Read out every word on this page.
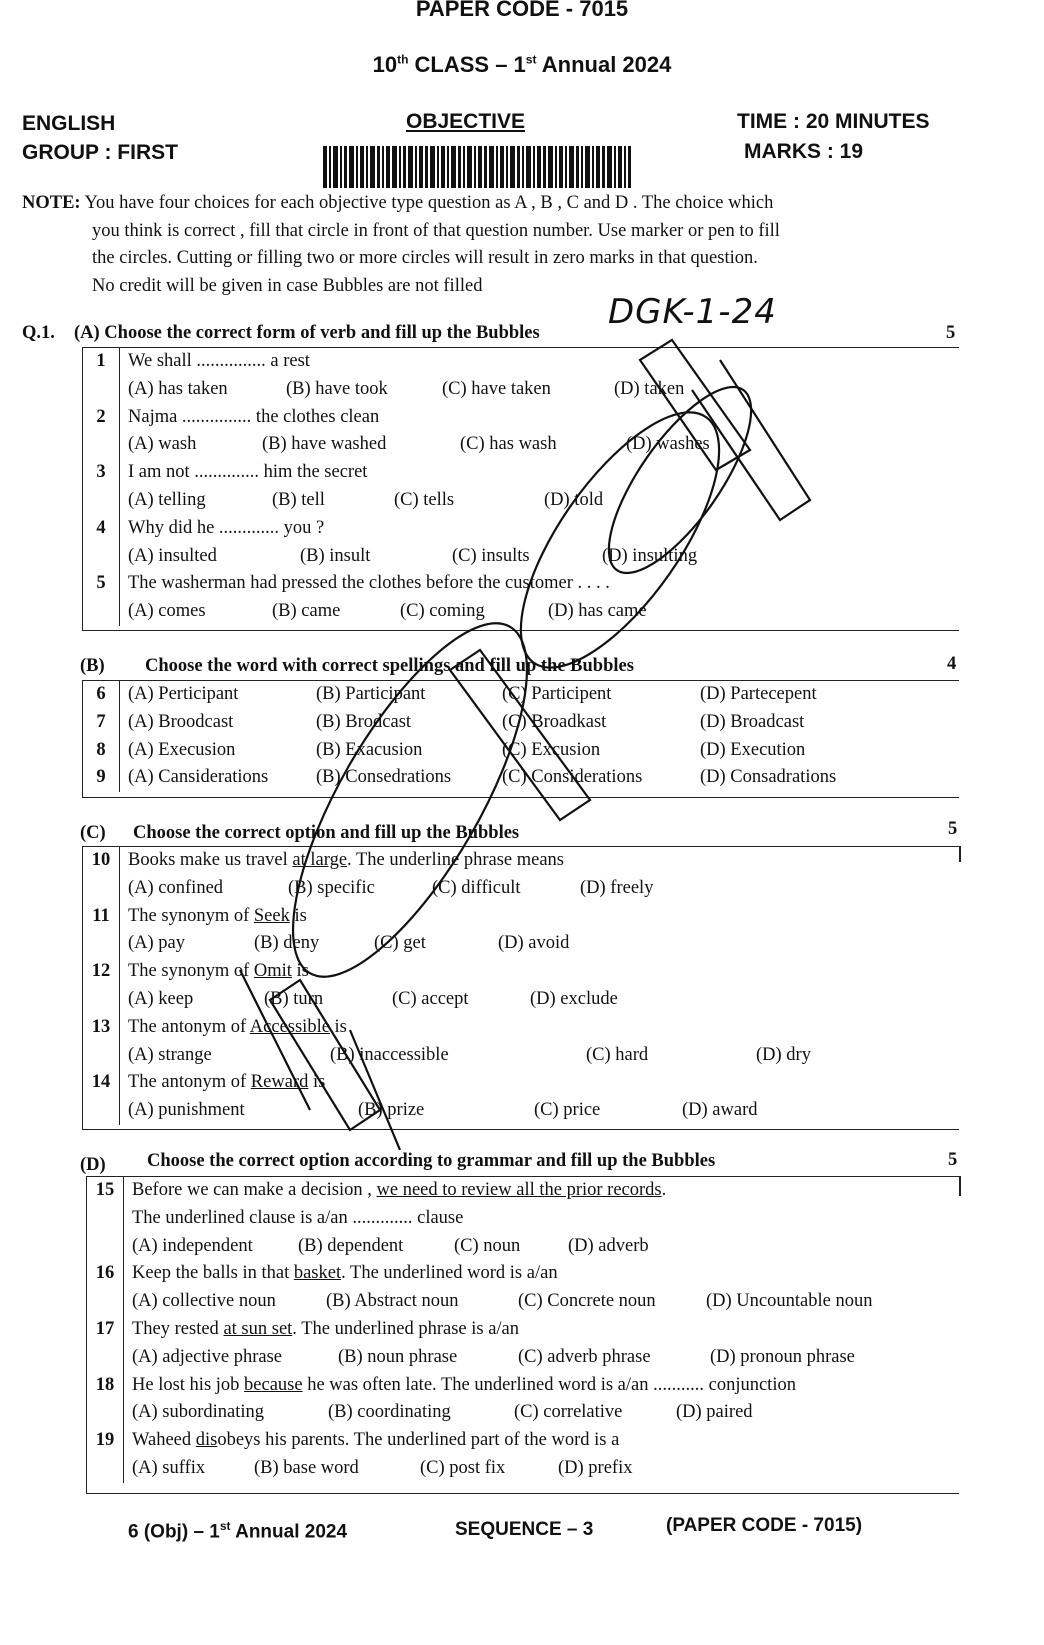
PAPER CODE - 7015
10th CLASS – 1st Annual 2024
ENGLISH
GROUP : FIRST
OBJECTIVE	TIME : 20 MINUTES
MARKS : 19
NOTE: You have four choices for each objective type question as A , B , C and D . The choice which
you think is correct , fill that circle in front of that question number. Use marker or pen to fill
the circles. Cutting or filling two or more circles will result in zero marks in that question.
No credit will be given in case Bubbles are not filled
DGK-1-24
Q.1. (A) Choose the correct form of verb and fill up the Bubbles	5
1	We shall ............... a rest
	(A) has taken (B) have took (C) have taken (D) taken
2	Najma ............... the clothes clean
	(A) wash (B) have washed (C) has wash (D) washes
3	I am not .............. him the secret
	(A) telling (B) tell (C) tells (D) told
4	Why did he ............. you ?
	(A) insulted (B) insult (C) insults (D) insulting
5	The washerman had pressed the clothes before the customer . . . .
	(A) comes (B) came (C) coming (D) has came
(B) Choose the word with correct spellings and fill up the Bubbles	4
6	(A) Perticipant (B) Participant (C) Participent (D) Partecepent
7	(A) Broodcast (B) Brodcast (C) Broadkast (D) Broadcast
8	(A) Execusion (B) Exacusion (C) Excusion (D) Execution
9	(A) Cansiderations (B) Consedrations (C) Considerations (D) Consadrations
(C) Choose the correct option and fill up the Bubbles	5
10	Books make us travel at large. The underline phrase means
	(A) confined (B) specific (C) difficult (D) freely
11	The synonym of Seek is
	(A) pay (B) deny (C) get (D) avoid
12	The synonym of Omit is
	(A) keep (B) turn (C) accept (D) exclude
13	The antonym of Accessible is
	(A) strange (B) inaccessible (C) hard (D) dry
14	The antonym of Reward is
	(A) punishment (B) prize (C) price (D) award
(D) Choose the correct option according to grammar and fill up the Bubbles	5
15	Before we can make a decision , we need to review all the prior records.
	The underlined clause is a/an ............. clause
	(A) independent (B) dependent (C) noun (D) adverb
16	Keep the balls in that basket. The underlined word is a/an
	(A) collective noun (B) Abstract noun (C) Concrete noun (D) Uncountable noun
17	They rested at sun set. The underlined phrase is a/an
	(A) adjective phrase (B) noun phrase (C) adverb phrase (D) pronoun phrase
18	He lost his job because he was often late. The underlined word is a/an ........... conjunction
	(A) subordinating (B) coordinating (C) correlative (D) paired
19	Waheed disobeys his parents. The underlined part of the word is a
	(A) suffix (B) base word (C) post fix (D) prefix
6 (Obj) – 1st Annual 2024	SEQUENCE – 3	(PAPER CODE - 7015)
